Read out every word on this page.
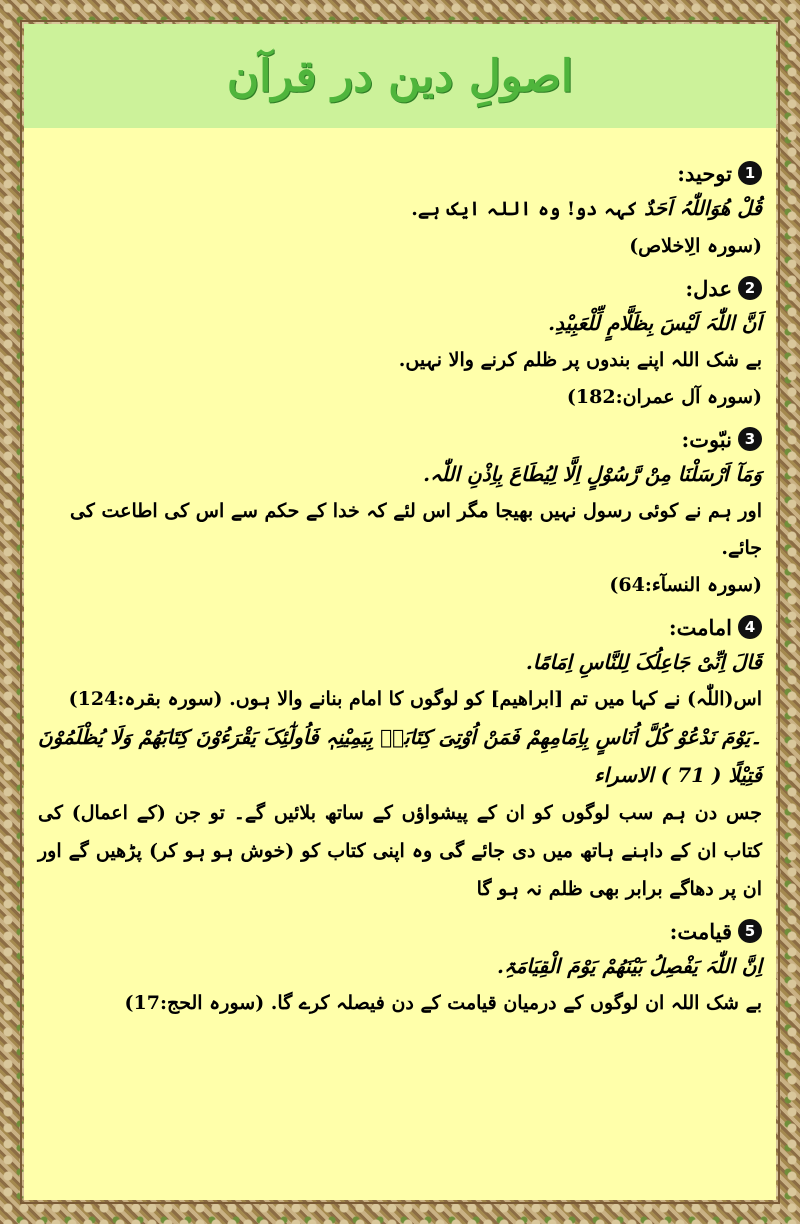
اصولِ دین در قرآن
1
توحید:
قُلْ ھُوَاللّٰہُ اَحَدٌ کہہ دو! وہ اللہ ایک ہے.
(سورہ الِاخلاص)
2
عدل:
اَنَّ اللّٰہَ لَیْسَ بِظَلَّامٍ لِّلْعَبِیْدِ.
بے شک اللہ اپنے بندوں پر ظلم کرنے والا نہیں.
(سورہ آل عمران:182)
3
نبّوت:
وَمَآ اَرْسَلْنَا مِنْ رَّسُوْلٍ اِلَّا لِیُطَاعَ بِاِذْنِ اللّٰہ.
اور ہم نے کوئی رسول نہیں بھیجا مگر اس لئے کہ خدا کے حکم سے اس کی اطاعت کی جائے.
(سورہ النسآء:64)
4
امامت:
قَالَ اِنِّیْ جَاعِلُکَ لِلنَّاسِ اِمَامًا.
اس(اللّٰہ) نے کہا میں تم [ابراھیم] کو لوگوں کا امام بنانے والا ہوں. (سورہ بقرہ:124)
۔یَوْمَ نَدْعُوْ کُلَّ اُنَاسٍ بِاِمَامِھِمْ فَمَنْ اُوْتِیَ کِتَابَہٗ بِیَمِیْنِہٖ فَاُولٰٓئِکَ یَقْرَءُوْنَ کِتَابَھُمْ وَلَا یُظْلَمُوْنَ فَتِیْلًا ( 71 ) الاسراء
جس دن ہم سب لوگوں کو ان کے پیشواؤں کے ساتھ بلائیں گے۔ تو جن (کے اعمال) کی کتاب ان کے داہنے ہاتھ میں دی جائے گی وہ اپنی کتاب کو (خوش ہو ہو کر) پڑھیں گے اور ان پر دھاگے برابر بھی ظلم نہ ہو گا
5
قیامت:
اِنَّ اللّٰہَ یَفْصِلُ بَیْنَھُمْ یَوْمَ الْقِیَامَۃِ.
بے شک اللہ ان لوگوں کے درمیان قیامت کے دن فیصلہ کرے گا. (سورہ الحج:17)
